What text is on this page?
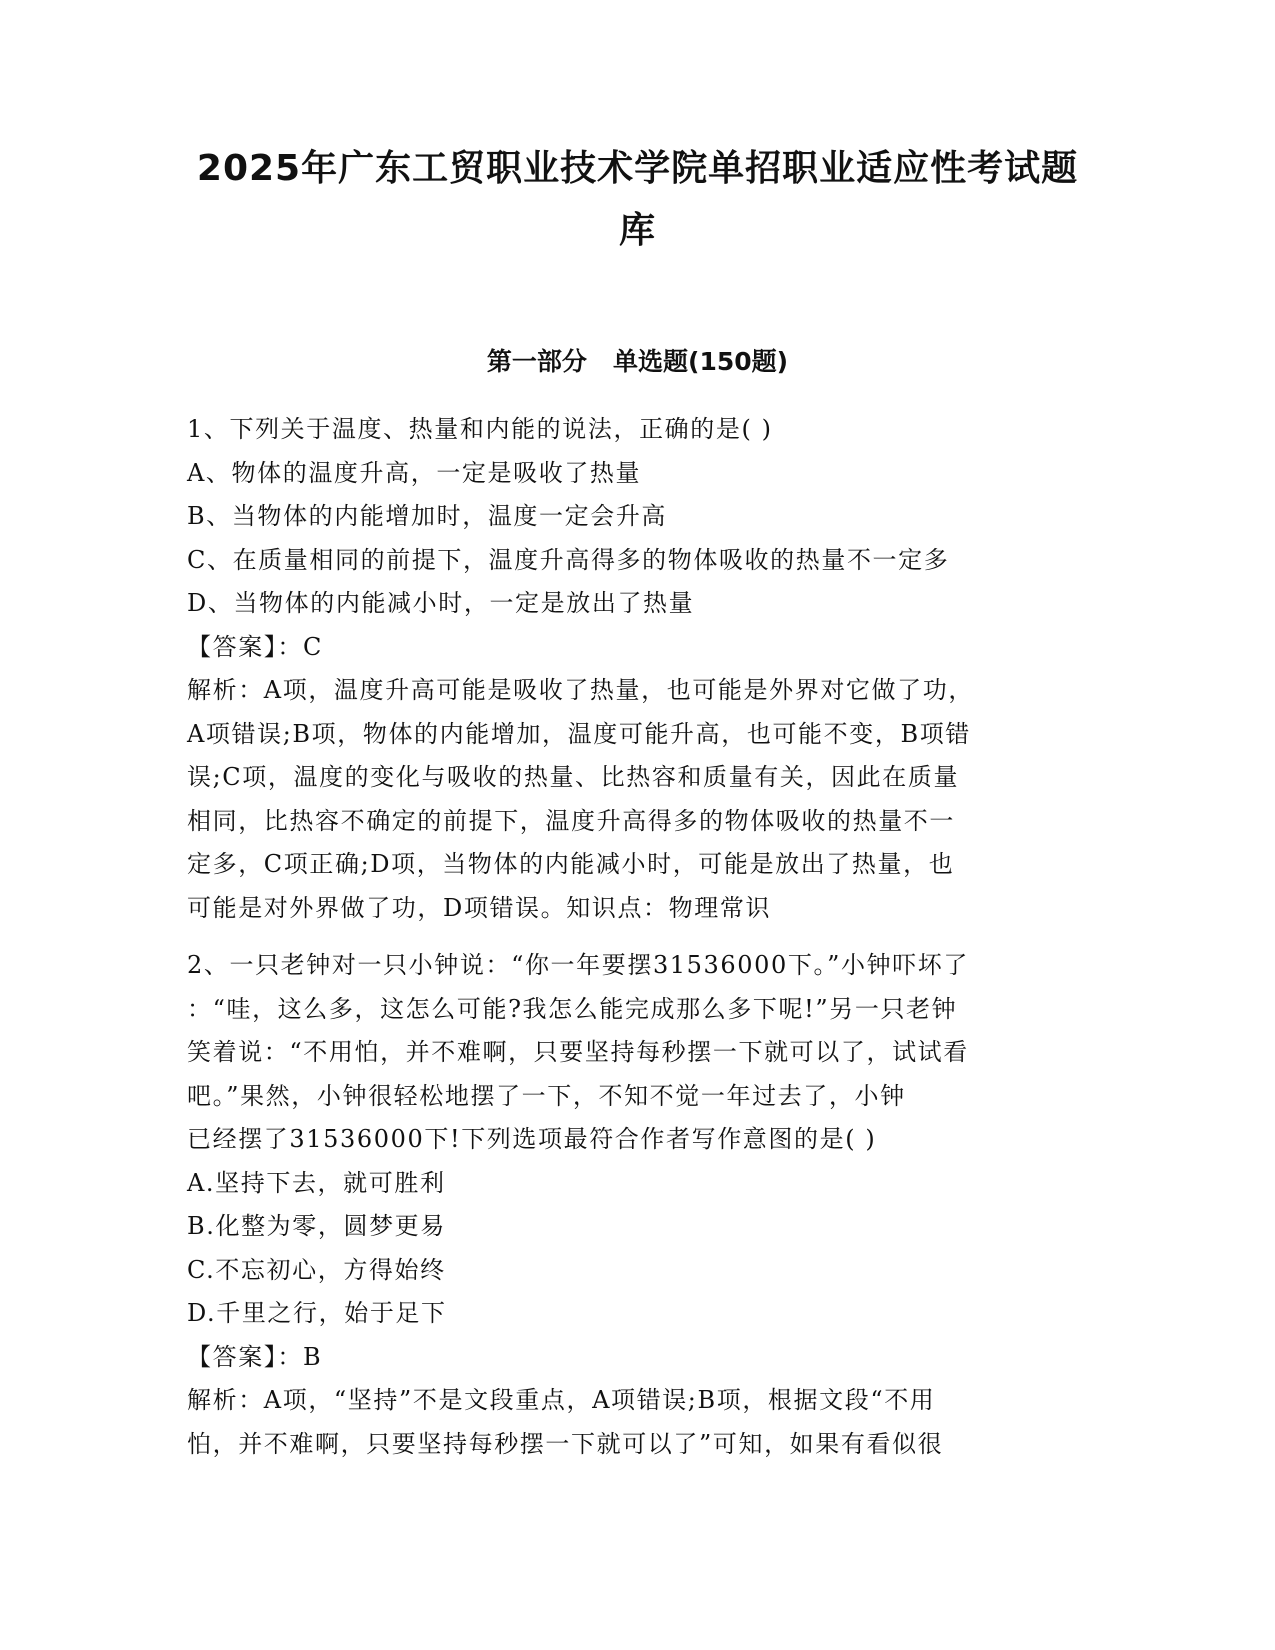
2025年广东工贸职业技术学院单招职业适应性考试题
库
第一部分   单选题(150题)
1、下列关于温度、热量和内能的说法，正确的是( )
A、物体的温度升高，一定是吸收了热量
B、当物体的内能增加时，温度一定会升高
C、在质量相同的前提下，温度升高得多的物体吸收的热量不一定多
D、当物体的内能减小时，一定是放出了热量
【答案】：C
解析：A项，温度升高可能是吸收了热量，也可能是外界对它做了功，
A项错误;B项，物体的内能增加，温度可能升高，也可能不变，B项错
误;C项，温度的变化与吸收的热量、比热容和质量有关，因此在质量
相同，比热容不确定的前提下，温度升高得多的物体吸收的热量不一
定多，C项正确;D项，当物体的内能减小时，可能是放出了热量，也
可能是对外界做了功，D项错误。知识点：物理常识
2、一只老钟对一只小钟说：“你一年要摆31536000下。”小钟吓坏了
：“哇，这么多，这怎么可能?我怎么能完成那么多下呢!”另一只老钟
笑着说：“不用怕，并不难啊，只要坚持每秒摆一下就可以了，试试看
吧。”果然，小钟很轻松地摆了一下，不知不觉一年过去了，小钟
已经摆了31536000下!下列选项最符合作者写作意图的是( )
A.坚持下去，就可胜利
B.化整为零，圆梦更易
C.不忘初心，方得始终
D.千里之行，始于足下
【答案】：B
解析：A项，“坚持”不是文段重点，A项错误;B项，根据文段“不用
怕，并不难啊，只要坚持每秒摆一下就可以了”可知，如果有看似很
